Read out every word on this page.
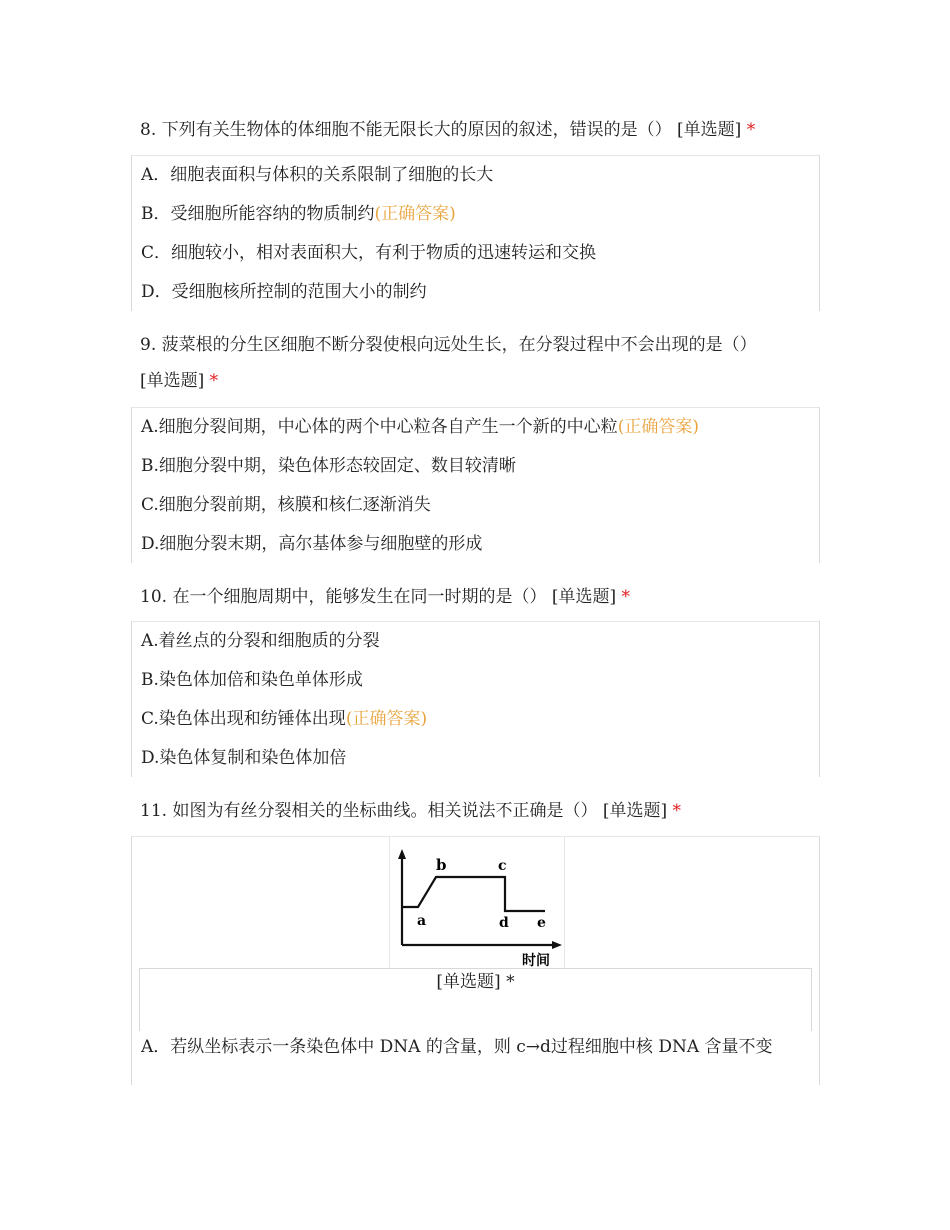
8. 下列有关生物体的体细胞不能无限长大的原因的叙述，错误的是（） [单选题] *
A．细胞表面积与体积的关系限制了细胞的长大
B．受细胞所能容纳的物质制约(正确答案)
C．细胞较小，相对表面积大，有利于物质的迅速转运和交换
D．受细胞核所控制的范围大小的制约
9. 菠菜根的分生区细胞不断分裂使根向远处生长，在分裂过程中不会出现的是（）
[单选题] *
A.细胞分裂间期，中心体的两个中心粒各自产生一个新的中心粒(正确答案)
B.细胞分裂中期，染色体形态较固定、数目较清晰
C.细胞分裂前期，核膜和核仁逐渐消失
D.细胞分裂末期，高尔基体参与细胞壁的形成
10. 在一个细胞周期中，能够发生在同一时期的是（） [单选题] *
A.着丝点的分裂和细胞质的分裂
B.染色体加倍和染色单体形成
C.染色体出现和纺锤体出现(正确答案)
D.染色体复制和染色体加倍
11. 如图为有丝分裂相关的坐标曲线。相关说法不正确是（） [单选题] *
a
b	c
d e
时间
[单选题] *
A．若纵坐标表示一条染色体中 DNA 的含量，则 c→d过程细胞中核 DNA 含量不变
